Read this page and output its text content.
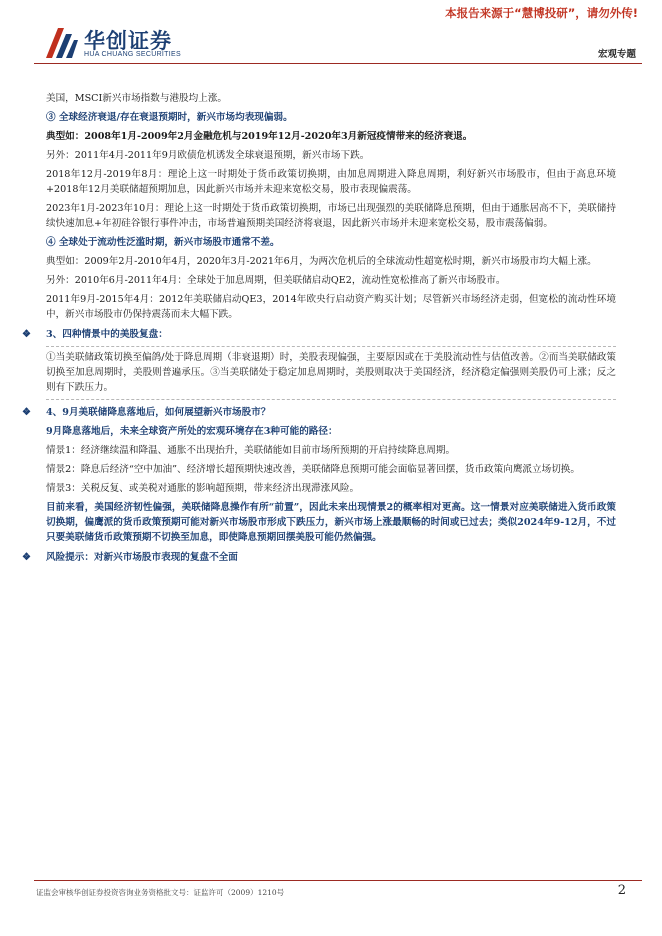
华创证券
HUA CHUANG SECURITIES
本报告来源于“慧博投研”，请勿外传!
宏观专题

美国，MSCI新兴市场指数与港股均上涨。

③ 全球经济衰退/存在衰退预期时，新兴市场均表现偏弱。

典型如：2008年1月-2009年2月金融危机与2019年12月-2020年3月新冠疫情带来的经济衰退。

另外：2011年4月-2011年9月欧债危机诱发全球衰退预期，新兴市场下跌。

2018年12月-2019年8月：理论上这一时期处于货币政策切换期，由加息周期进入降息周期，利好新兴市场股市，但由于高息环境+2018年12月美联储超预期加息，因此新兴市场并未迎来宽松交易，股市表现偏震荡。

2023年1月-2023年10月：理论上这一时期处于货币政策切换期，市场已出现强烈的美联储降息预期，但由于通胀居高不下，美联储持续快速加息+年初硅谷银行事件冲击，市场普遍预期美国经济将衰退，因此新兴市场并未迎来宽松交易，股市震荡偏弱。

④ 全球处于流动性泛滥时期，新兴市场股市通常不差。

典型如：2009年2月-2010年4月，2020年3月-2021年6月，为两次危机后的全球流动性超宽松时期，新兴市场股市均大幅上涨。

另外：2010年6月-2011年4月：全球处于加息周期，但美联储启动QE2，流动性宽松推高了新兴市场股市。

2011年9月-2015年4月：2012年美联储启动QE3，2014年欧央行启动资产购买计划；尽管新兴市场经济走弱，但宽松的流动性环境中，新兴市场股市仍保持震荡而未大幅下跌。

❖ 3、四种情景中的美股复盘：

①当美联储政策切换至偏鸽/处于降息周期（非衰退期）时，美股表现偏强，主要原因或在于美股流动性与估值改善。②而当美联储政策切换至加息周期时，美股则普遍承压。③当美联储处于稳定加息周期时，美股则取决于美国经济，经济稳定偏强则美股仍可上涨；反之则有下跌压力。

❖ 4、9月美联储降息落地后，如何展望新兴市场股市？

9月降息落地后，未来全球资产所处的宏观环境存在3种可能的路径：

情景1：经济继续温和降温、通胀不出现抬升，美联储能如目前市场所预期的开启持续降息周期。

情景2：降息后经济“空中加油”、经济增长超预期快速改善，美联储降息预期可能会面临显著回摆，货币政策向鹰派立场切换。

情景3：关税反复、或美税对通胀的影响超预期，带来经济出现滞涨风险。

目前来看，美国经济韧性偏强，美联储降息操作有所“前置”，因此未来出现情景2的概率相对更高。这一情景对应美联储进入货币政策切换期，偏鹰派的货币政策预期可能对新兴市场股市形成下跌压力，新兴市场上涨最顺畅的时间或已过去；类似2024年9-12月，不过只要美联储货币政策预期不切换至加息，即使降息预期回摆美股可能仍然偏强。

❖ 风险提示：对新兴市场股市表现的复盘不全面
证监会审核华创证券投资咨询业务资格批文号：证监许可（2009）1210号	2
